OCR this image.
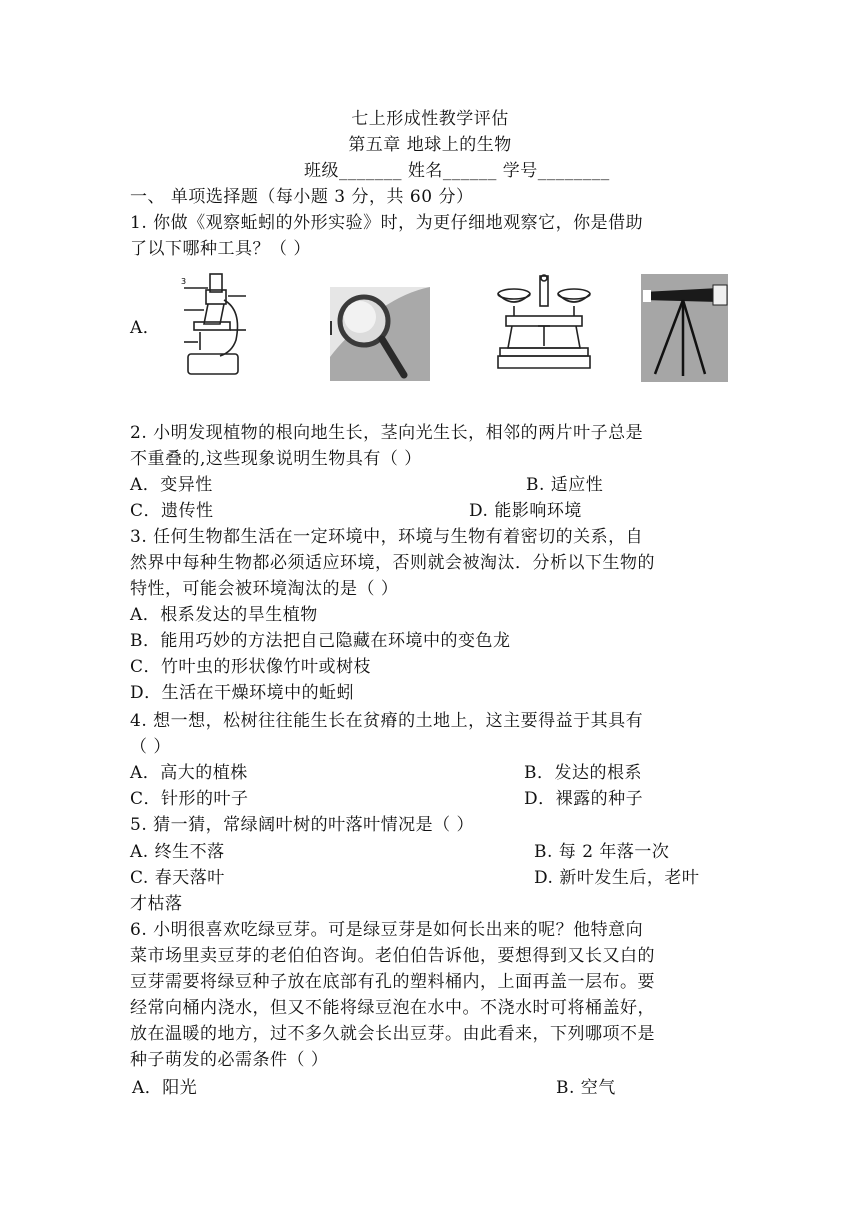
七上形成性教学评估
第五章 地球上的生物
班级_______ 姓名______ 学号________
一、 单项选择题（每小题 3 分，共 60 分）
1. 你做《观察蚯蚓的外形实验》时，为更仔细地观察它，你是借助
了以下哪种工具？（ ）
A．
3
2. 小明发现植物的根向地生长，茎向光生长，相邻的两片叶子总是
不重叠的,这些现象说明生物具有（ ）
A．变异性	B. 适应性
C．遗传性	D. 能影响环境
3. 任何生物都生活在一定环境中，环境与生物有着密切的关系，自
然界中每种生物都必须适应环境，否则就会被淘汰．分析以下生物的
特性，可能会被环境淘汰的是（ ）
A．根系发达的旱生植物
B．能用巧妙的方法把自己隐藏在环境中的变色龙
C．竹叶虫的形状像竹叶或树枝
D．生活在干燥环境中的蚯蚓
4. 想一想，松树往往能生长在贫瘠的土地上，这主要得益于其具有
（ ）
A．高大的植株	B．发达的根系
C．针形的叶子	D．裸露的种子
5. 猜一猜，常绿阔叶树的叶落叶情况是（ ）
A. 终生不落	B. 每 2 年落一次
C. 春天落叶	D. 新叶发生后，老叶
才枯落
6. 小明很喜欢吃绿豆芽。可是绿豆芽是如何长出来的呢？他特意向
菜市场里卖豆芽的老伯伯咨询。老伯伯告诉他，要想得到又长又白的
豆芽需要将绿豆种子放在底部有孔的塑料桶内，上面再盖一层布。要
经常向桶内浇水，但又不能将绿豆泡在水中。不浇水时可将桶盖好，
放在温暖的地方，过不多久就会长出豆芽。由此看来，下列哪项不是
种子萌发的必需条件（ ）
A．阳光	B. 空气
